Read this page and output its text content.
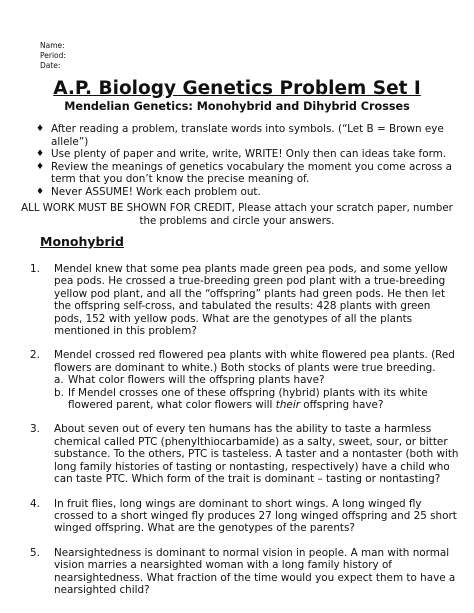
Name:
Period:
Date:
A.P. Biology Genetics Problem Set I
Mendelian Genetics: Monohybrid and Dihybrid Crosses
♦ After reading a problem, translate words into symbols. (“Let B = Brown eye allele”)
♦ Use plenty of paper and write, write, WRITE! Only then can ideas take form.
♦ Review the meanings of genetics vocabulary the moment you come across a term that you don’t know the precise meaning of.
♦ Never ASSUME! Work each problem out.
ALL WORK MUST BE SHOWN FOR CREDIT, Please attach your scratch paper, number the problems and circle your answers.
Monohybrid
1. Mendel knew that some pea plants made green pea pods, and some yellow pea pods. He crossed a true-breeding green pod plant with a true-breeding yellow pod plant, and all the “offspring” plants had green pods. He then let the offspring self-cross, and tabulated the results: 428 plants with green pods, 152 with yellow pods. What are the genotypes of all the plants mentioned in this problem?
2. Mendel crossed red flowered pea plants with white flowered pea plants. (Red flowers are dominant to white.) Both stocks of plants were true breeding.
a. What color flowers will the offspring plants have?
b. If Mendel crosses one of these offspring (hybrid) plants with its white flowered parent, what color flowers will their offspring have?
3. About seven out of every ten humans has the ability to taste a harmless chemical called PTC (phenylthiocarbamide) as a salty, sweet, sour, or bitter substance. To the others, PTC is tasteless. A taster and a nontaster (both with long family histories of tasting or nontasting, respectively) have a child who can taste PTC. Which form of the trait is dominant – tasting or nontasting?
4. In fruit flies, long wings are dominant to short wings. A long winged fly crossed to a short winged fly produces 27 long winged offspring and 25 short winged offspring. What are the genotypes of the parents?
5. Nearsightedness is dominant to normal vision in people. A man with normal vision marries a nearsighted woman with a long family history of nearsightedness. What fraction of the time would you expect them to have a nearsighted child?
